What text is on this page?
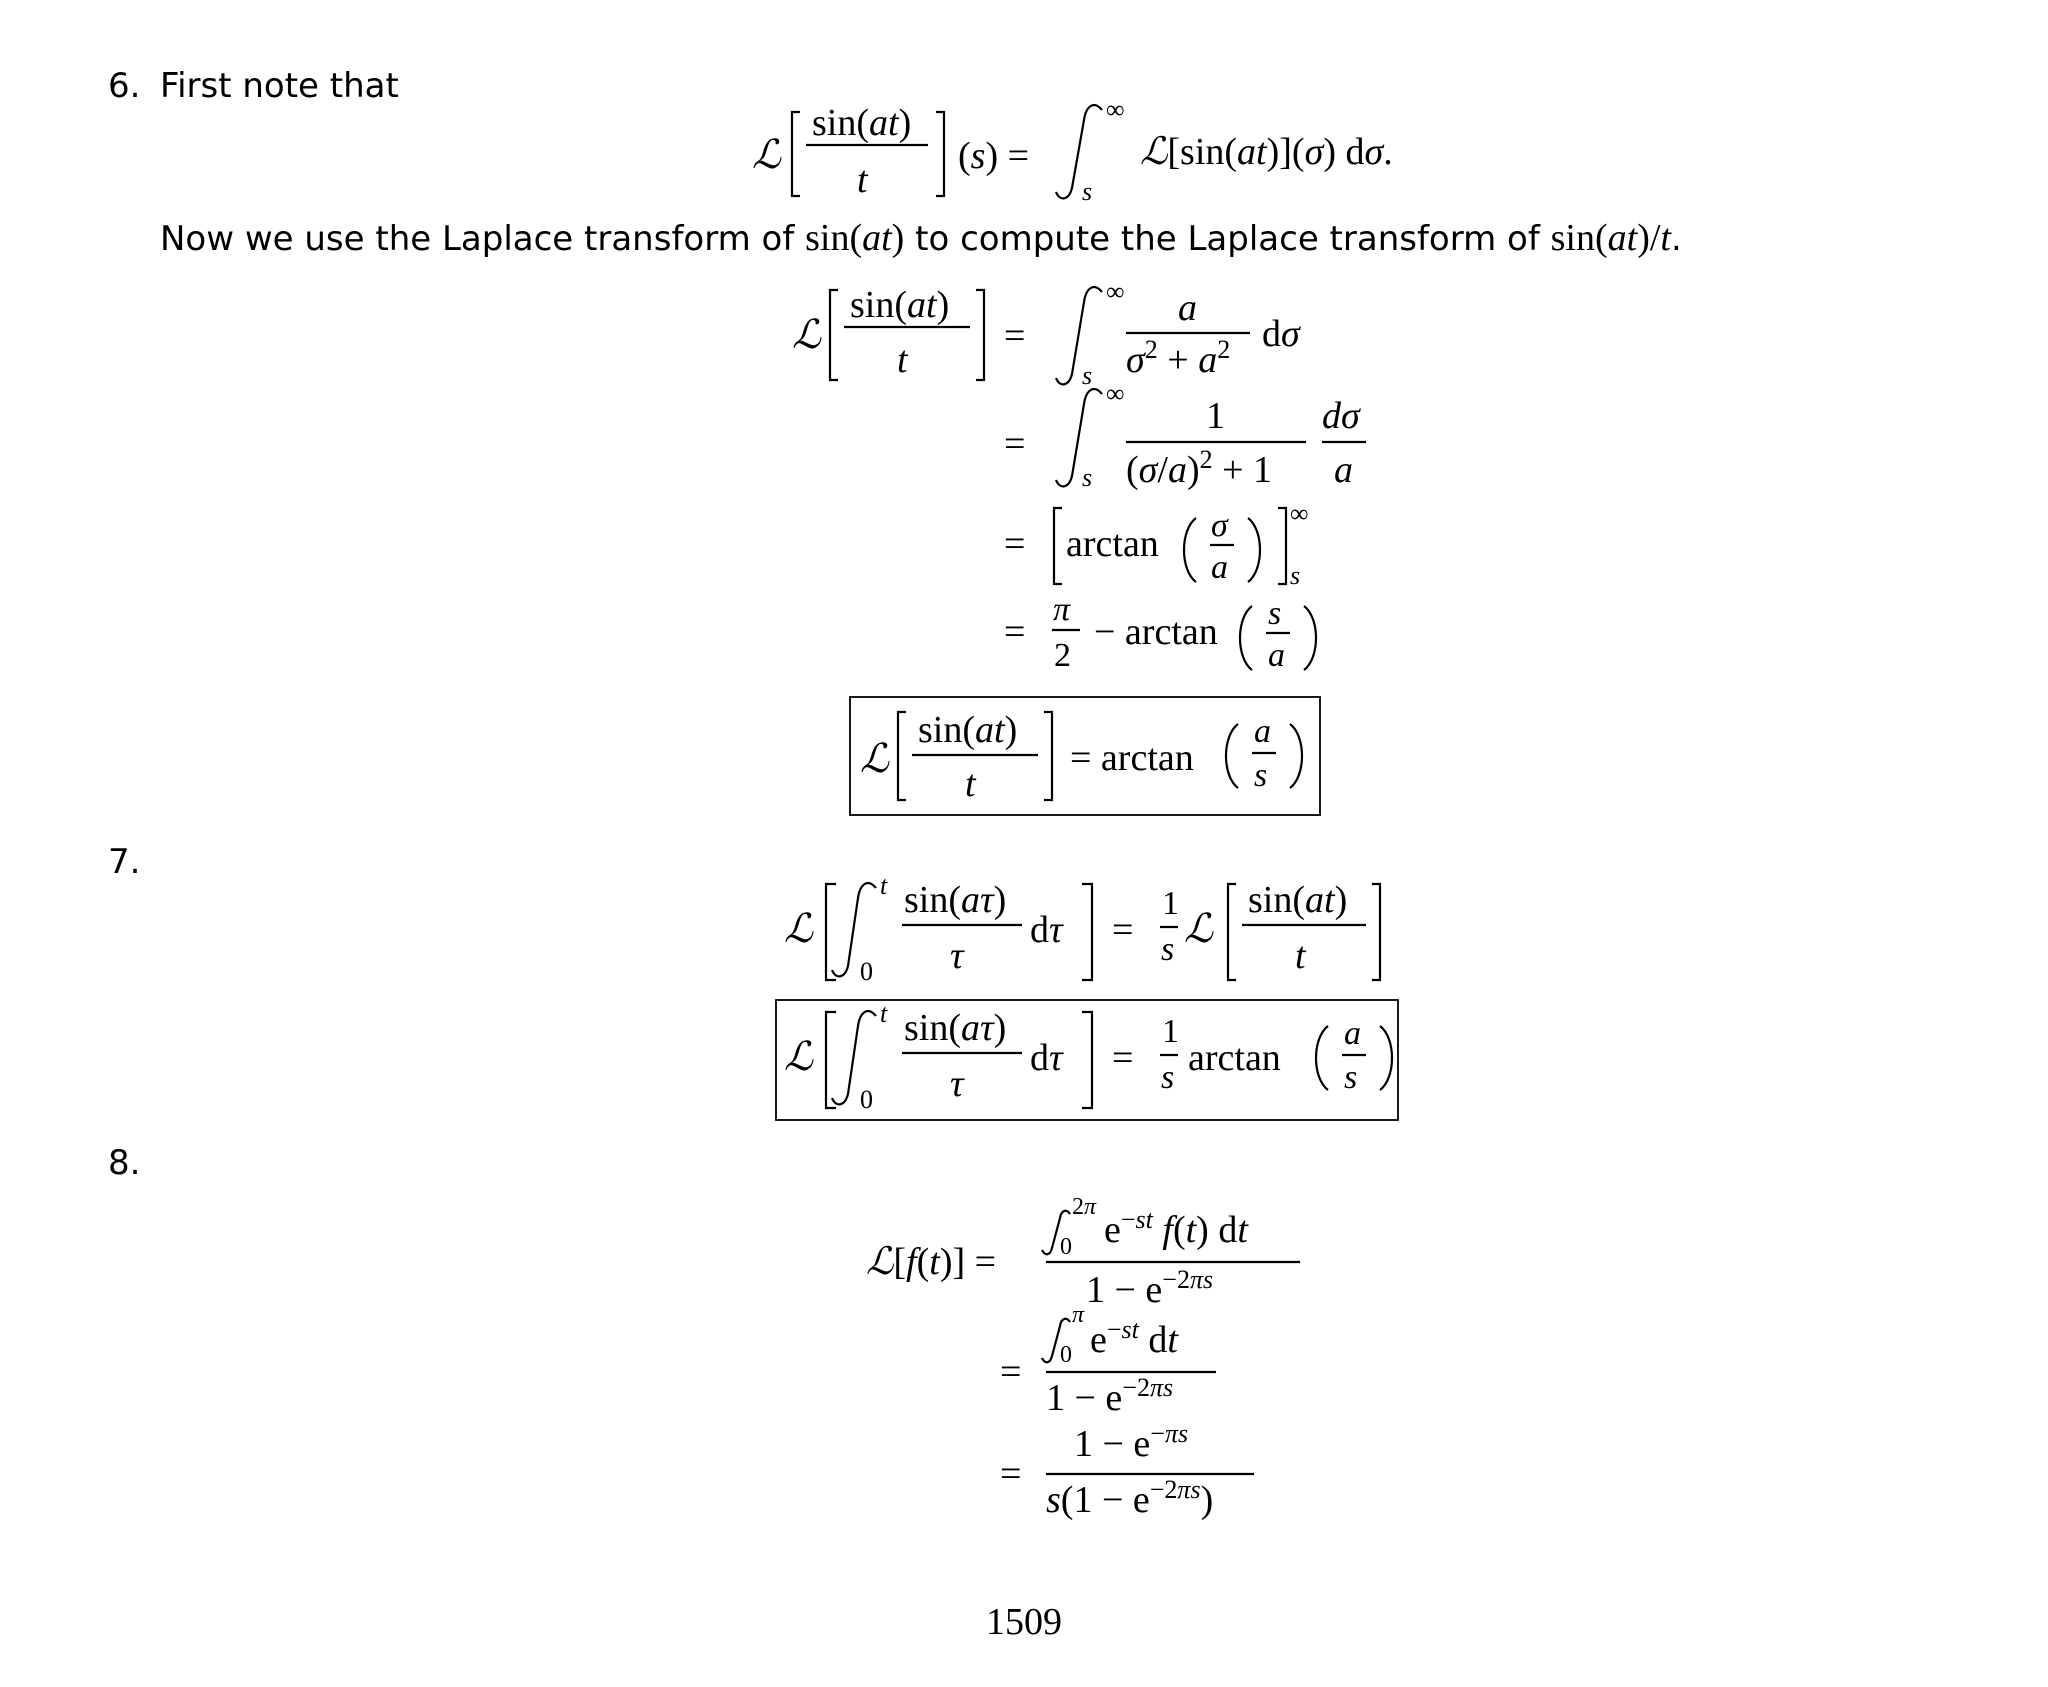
6. First note that
Now we use the Laplace transform of sin(at) to compute the Laplace transform of sin(at)/t.
7.
8.
ℒ
sin(at)
t
(s) =
∞
s
ℒ[sin(at)](σ) dσ.
ℒ
sin(at)
t
=
∞
s
a
$\sigma^2 + a^2$ dσ
=
∞
s
1
$(\sigma/a)^2 + 1$
dσ
a
= arctan σ
a
∞
s
=
π
2
− arctan s
a
ℒ
sin(at)
t
= arctan
a
s
ℒ
t
0
sin(aτ)
τ
dτ =
1
s ℒ
sin(at)
t
ℒ
t
0
sin(aτ)
τ
dτ =
1
s arctan
a
s
ℒ[f(t)] =
2π
0 $e^{-st}$ f(t) dt
$1 - e^{-2\pi s}$
=
π
0 $e^{-st}$ dt
$1 - e^{-2\pi s}$
=
$1 - e^{-\pi s}$
$s(1 - e^{-2\pi s})$
1509
